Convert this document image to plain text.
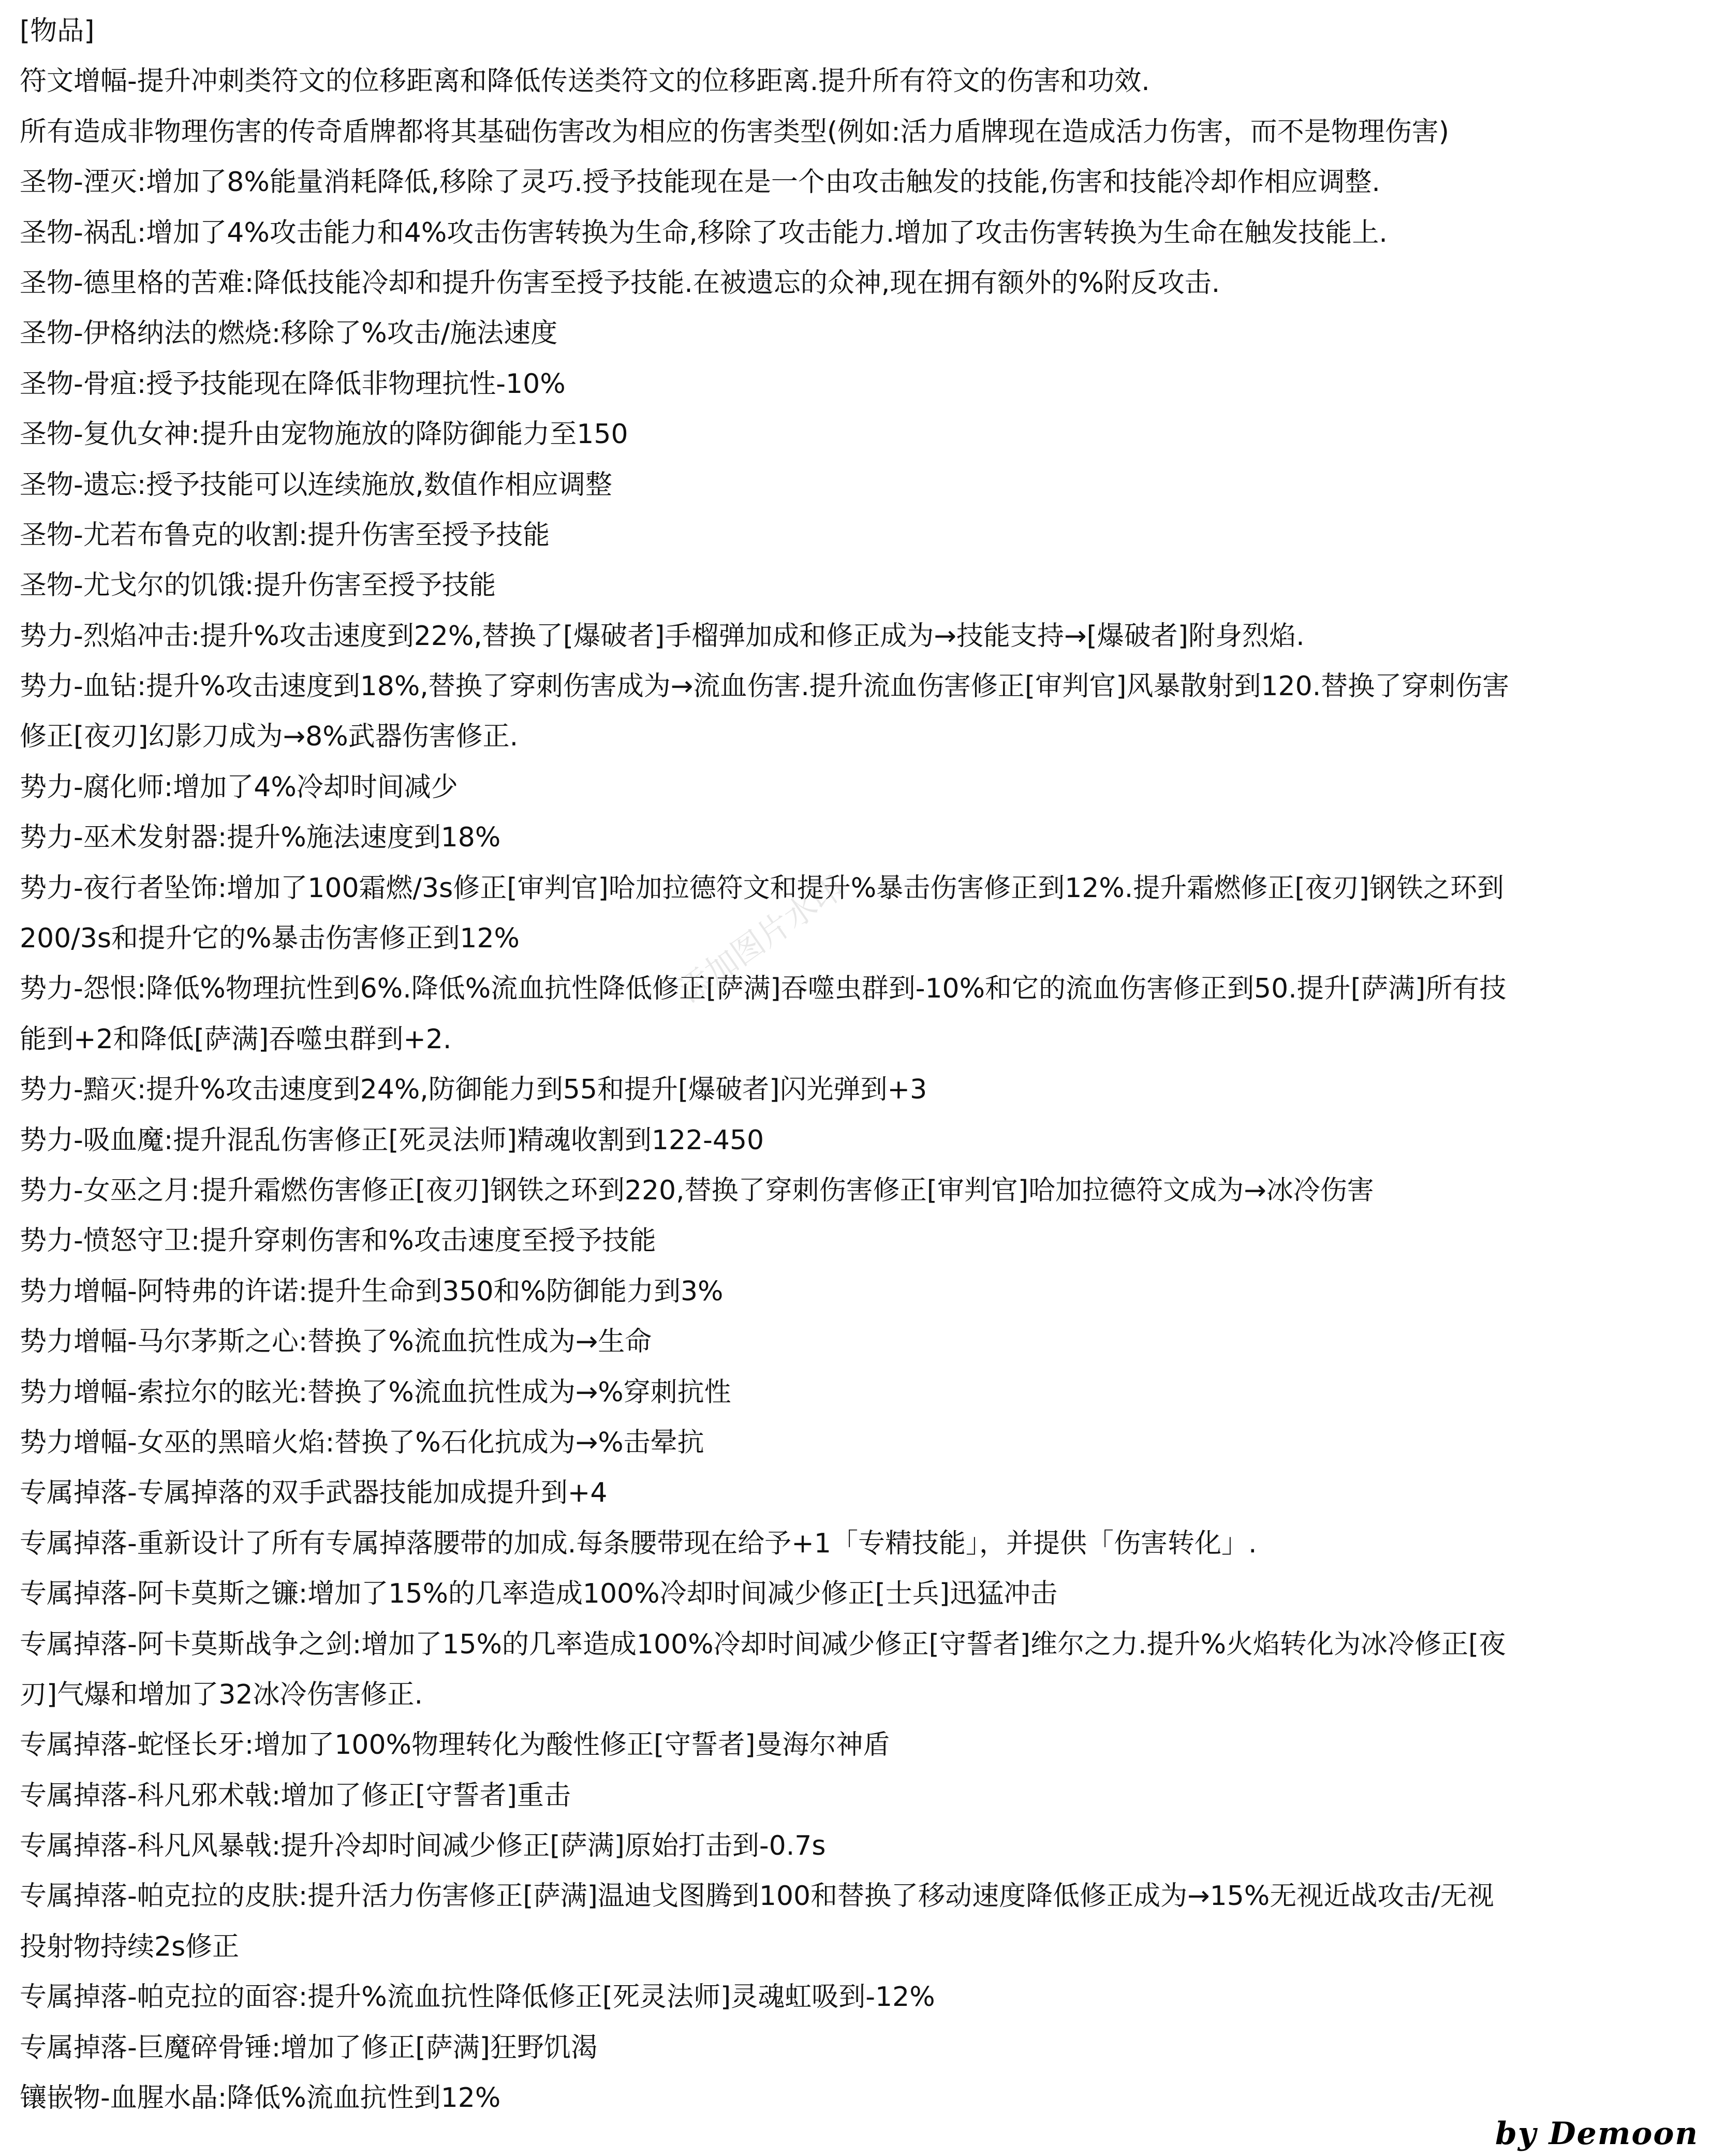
[物品]
符文增幅-提升冲刺类符文的位移距离和降低传送类符文的位移距离.提升所有符文的伤害和功效.
所有造成非物理伤害的传奇盾牌都将其基础伤害改为相应的伤害类型(例如:活力盾牌现在造成活力伤害，而不是物理伤害)
圣物-湮灭:增加了8%能量消耗降低,移除了灵巧.授予技能现在是一个由攻击触发的技能,伤害和技能冷却作相应调整.
圣物-祸乱:增加了4%攻击能力和4%攻击伤害转换为生命,移除了攻击能力.增加了攻击伤害转换为生命在触发技能上.
圣物-德里格的苦难:降低技能冷却和提升伤害至授予技能.在被遗忘的众神,现在拥有额外的%附反攻击.
圣物-伊格纳法的燃烧:移除了%攻击/施法速度
圣物-骨疽:授予技能现在降低非物理抗性-10%
圣物-复仇女神:提升由宠物施放的降防御能力至150
圣物-遗忘:授予技能可以连续施放,数值作相应调整
圣物-尤若布鲁克的收割:提升伤害至授予技能
圣物-尤戈尔的饥饿:提升伤害至授予技能
势力-烈焰冲击:提升%攻击速度到22%,替换了[爆破者]手榴弹加成和修正成为→技能支持→[爆破者]附身烈焰.
势力-血钻:提升%攻击速度到18%,替换了穿刺伤害成为→流血伤害.提升流血伤害修正[审判官]风暴散射到120.替换了穿刺伤害
修正[夜刃]幻影刀成为→8%武器伤害修正.
势力-腐化师:增加了4%冷却时间减少
势力-巫术发射器:提升%施法速度到18%
势力-夜行者坠饰:增加了100霜燃/3s修正[审判官]哈加拉德符文和提升%暴击伤害修正到12%.提升霜燃修正[夜刃]钢铁之环到
200/3s和提升它的%暴击伤害修正到12%
势力-怨恨:降低%物理抗性到6%.降低%流血抗性降低修正[萨满]吞噬虫群到-10%和它的流血伤害修正到50.提升[萨满]所有技
能到+2和降低[萨满]吞噬虫群到+2.
势力-黯灭:提升%攻击速度到24%,防御能力到55和提升[爆破者]闪光弹到+3
势力-吸血魔:提升混乱伤害修正[死灵法师]精魂收割到122-450
势力-女巫之月:提升霜燃伤害修正[夜刃]钢铁之环到220,替换了穿刺伤害修正[审判官]哈加拉德符文成为→冰冷伤害
势力-愤怒守卫:提升穿刺伤害和%攻击速度至授予技能
势力增幅-阿特弗的许诺:提升生命到350和%防御能力到3%
势力增幅-马尔茅斯之心:替换了%流血抗性成为→生命
势力增幅-索拉尔的眩光:替换了%流血抗性成为→%穿刺抗性
势力增幅-女巫的黑暗火焰:替换了%石化抗成为→%击晕抗
专属掉落-专属掉落的双手武器技能加成提升到+4
专属掉落-重新设计了所有专属掉落腰带的加成.每条腰带现在给予+1「专精技能」，并提供「伤害转化」.
专属掉落-阿卡莫斯之镰:增加了15%的几率造成100%冷却时间减少修正[士兵]迅猛冲击
专属掉落-阿卡莫斯战争之剑:增加了15%的几率造成100%冷却时间减少修正[守誓者]维尔之力.提升%火焰转化为冰冷修正[夜
刃]气爆和增加了32冰冷伤害修正.
专属掉落-蛇怪长牙:增加了100%物理转化为酸性修正[守誓者]曼海尔神盾
专属掉落-科凡邪术戟:增加了修正[守誓者]重击
专属掉落-科凡风暴戟:提升冷却时间减少修正[萨满]原始打击到-0.7s
专属掉落-帕克拉的皮肤:提升活力伤害修正[萨满]温迪戈图腾到100和替换了移动速度降低修正成为→15%无视近战攻击/无视
投射物持续2s修正
专属掉落-帕克拉的面容:提升%流血抗性降低修正[死灵法师]灵魂虹吸到-12%
专属掉落-巨魔碎骨锤:增加了修正[萨满]狂野饥渴
镶嵌物-血腥水晶:降低%流血抗性到12%
添加图片水印
by Demoon
